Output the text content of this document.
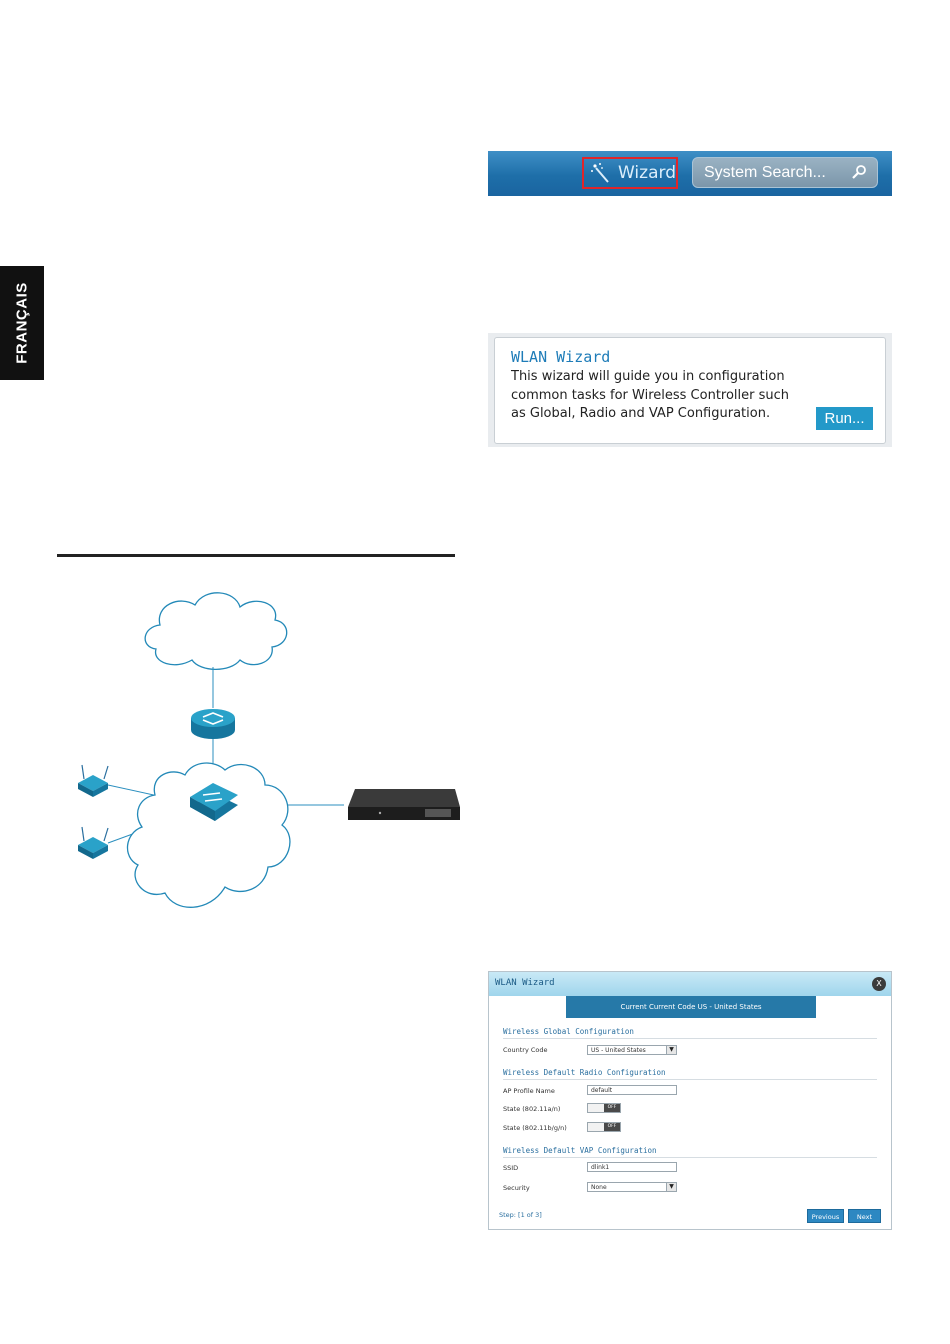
FRANÇAIS
Wizard System Search...
WLAN Wizard
This wizard will guide you in configuration common tasks for Wireless Controller such as Global, Radio and VAP Configuration.	Run...
WLAN Wizard	X
Current Current Code US - United States
Wireless Global Configuration
Country Code	US - United States	▼
Wireless Default Radio Configuration
AP Profile Name	default
State (802.11a/n)	OFF
State (802.11b/g/n)	OFF
Wireless Default VAP Configuration
SSID	dlink1
Security	None	▼
Step: [1 of 3]	Previous	Next
